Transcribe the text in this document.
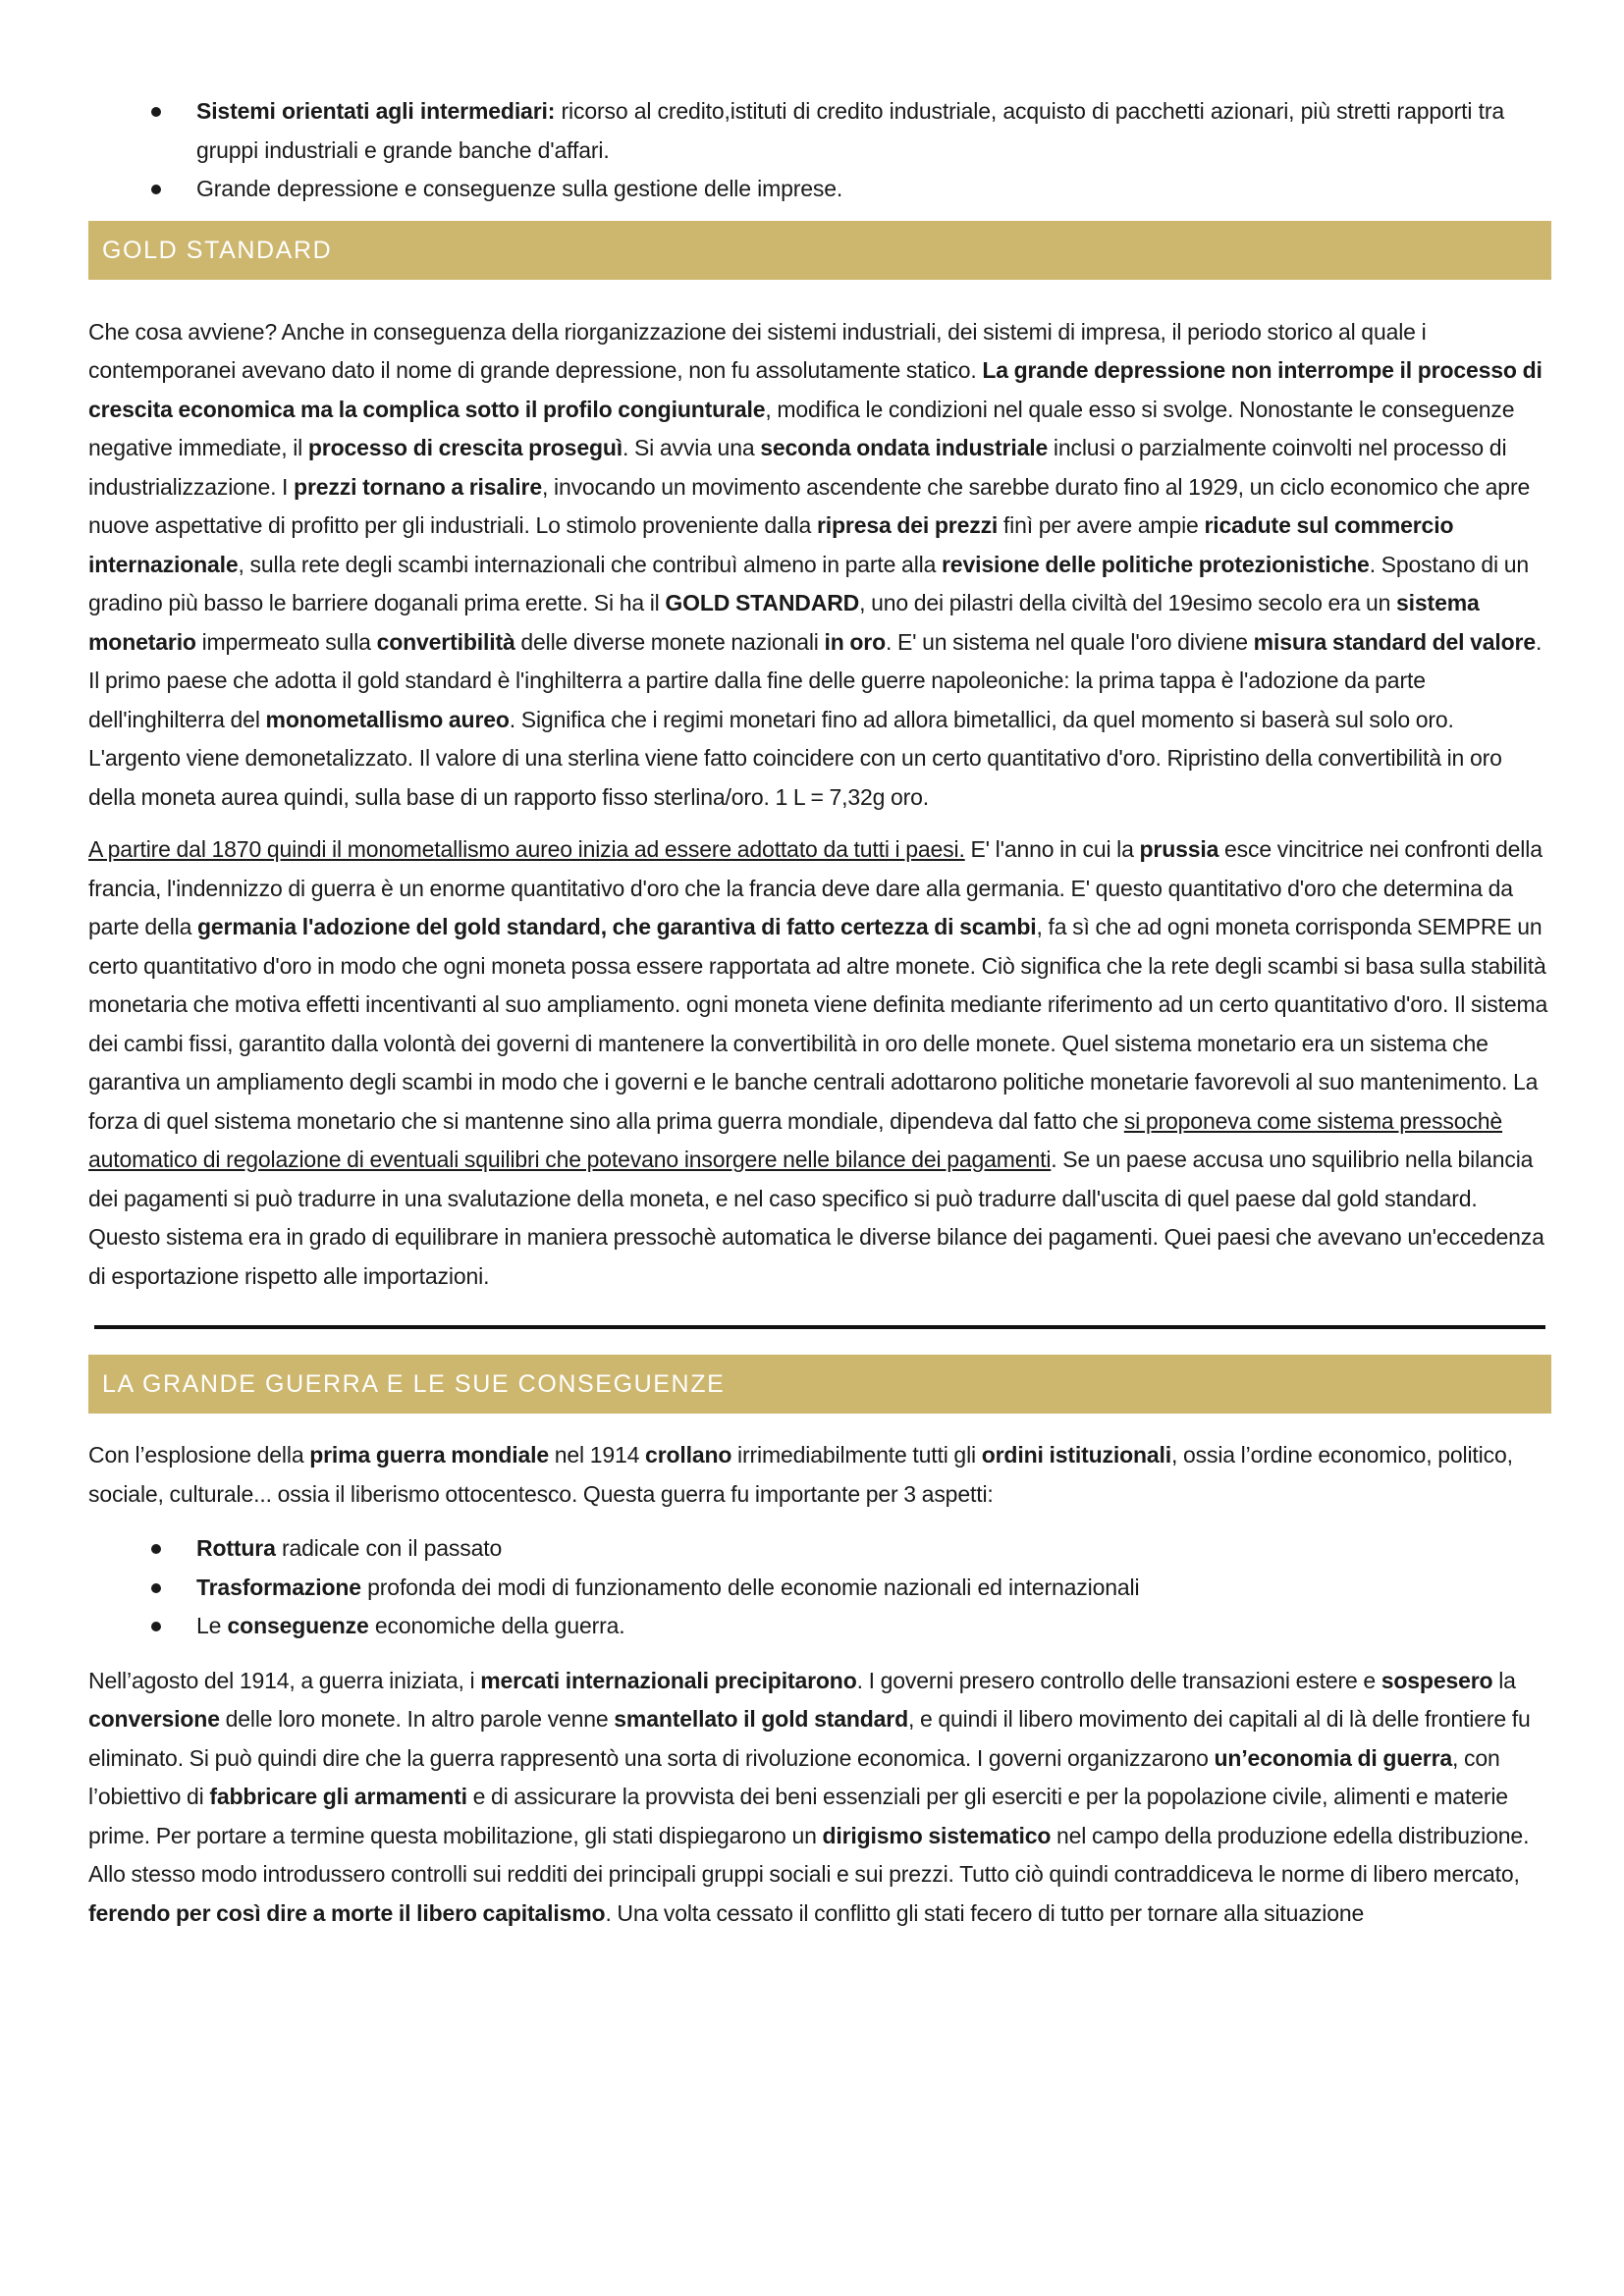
Sistemi orientati agli intermediari: ricorso al credito,istituti di credito industriale, acquisto di pacchetti azionari, più stretti rapporti tra gruppi industriali e grande banche d'affari.
Grande depressione e conseguenze sulla gestione delle imprese.
GOLD STANDARD

Che cosa avviene? Anche in conseguenza della riorganizzazione dei sistemi industriali, dei sistemi di impresa, il periodo storico al quale i contemporanei avevano dato il nome di grande depressione, non fu assolutamente statico. La grande depressione non interrompe il processo di crescita economica ma la complica sotto il profilo congiunturale, modifica le condizioni nel quale esso si svolge. Nonostante le conseguenze negative immediate, il processo di crescita proseguì. Si avvia una seconda ondata industriale inclusi o parzialmente coinvolti nel processo di industrializzazione. I prezzi tornano a risalire, invocando un movimento ascendente che sarebbe durato fino al 1929, un ciclo economico che apre nuove aspettative di profitto per gli industriali. Lo stimolo proveniente dalla ripresa dei prezzi finì per avere ampie ricadute sul commercio internazionale, sulla rete degli scambi internazionali che contribuì almeno in parte alla revisione delle politiche protezionistiche. Spostano di un gradino più basso le barriere doganali prima erette. Si ha il GOLD STANDARD, uno dei pilastri della civiltà del 19esimo secolo era un sistema monetario impermeato sulla convertibilità delle diverse monete nazionali in oro. E' un sistema nel quale l'oro diviene misura standard del valore. Il primo paese che adotta il gold standard è l'inghilterra a partire dalla fine delle guerre napoleoniche: la prima tappa è l'adozione da parte dell'inghilterra del monometallismo aureo. Significa che i regimi monetari fino ad allora bimetallici, da quel momento si baserà sul solo oro. L'argento viene demonetalizzato. Il valore di una sterlina viene fatto coincidere con un certo quantitativo d'oro. Ripristino della convertibilità in oro della moneta aurea quindi, sulla base di un rapporto fisso sterlina/oro. 1 L = 7,32g oro.

A partire dal 1870 quindi il monometallismo aureo inizia ad essere adottato da tutti i paesi. E' l'anno in cui la prussia esce vincitrice nei confronti della francia, l'indennizzo di guerra è un enorme quantitativo d'oro che la francia deve dare alla germania. E' questo quantitativo d'oro che determina da parte della germania l'adozione del gold standard, che garantiva di fatto certezza di scambi, fa sì che ad ogni moneta corrisponda SEMPRE un certo quantitativo d'oro in modo che ogni moneta possa essere rapportata ad altre monete. Ciò significa che la rete degli scambi si basa sulla stabilità monetaria che motiva effetti incentivanti al suo ampliamento. ogni moneta viene definita mediante riferimento ad un certo quantitativo d'oro. Il sistema dei cambi fissi, garantito dalla volontà dei governi di mantenere la convertibilità in oro delle monete. Quel sistema monetario era un sistema che garantiva un ampliamento degli scambi in modo che i governi e le banche centrali adottarono politiche monetarie favorevoli al suo mantenimento. La forza di quel sistema monetario che si mantenne sino alla prima guerra mondiale, dipendeva dal fatto che si proponeva come sistema pressochè automatico di regolazione di eventuali squilibri che potevano insorgere nelle bilance dei pagamenti. Se un paese accusa uno squilibrio nella bilancia dei pagamenti si può tradurre in una svalutazione della moneta, e nel caso specifico si può tradurre dall'uscita di quel paese dal gold standard. Questo sistema era in grado di equilibrare in maniera pressochè automatica le diverse bilance dei pagamenti. Quei paesi che avevano un'eccedenza di esportazione rispetto alle importazioni.

LA GRANDE GUERRA E LE SUE CONSEGUENZE

Con l’esplosione della prima guerra mondiale nel 1914 crollano irrimediabilmente tutti gli ordini istituzionali, ossia l’ordine economico, politico, sociale, culturale... ossia il liberismo ottocentesco. Questa guerra fu importante per 3 aspetti:

Rottura radicale con il passato
Trasformazione profonda dei modi di funzionamento delle economie nazionali ed internazionali
Le conseguenze economiche della guerra.

Nell’agosto del 1914, a guerra iniziata, i mercati internazionali precipitarono. I governi presero controllo delle transazioni estere e sospesero la conversione delle loro monete. In altro parole venne smantellato il gold standard, e quindi il libero movimento dei capitali al di là delle frontiere fu eliminato. Si può quindi dire che la guerra rappresentò una sorta di rivoluzione economica. I governi organizzarono un’economia di guerra, con l’obiettivo di fabbricare gli armamenti e di assicurare la provvista dei beni essenziali per gli eserciti e per la popolazione civile, alimenti e materie prime. Per portare a termine questa mobilitazione, gli stati dispiegarono un dirigismo sistematico nel campo della produzione edella distribuzione. Allo stesso modo introdussero controlli sui redditi dei principali gruppi sociali e sui prezzi. Tutto ciò quindi contraddiceva le norme di libero mercato, ferendo per così dire a morte il libero capitalismo. Una volta cessato il conflitto gli stati fecero di tutto per tornare alla situazione
